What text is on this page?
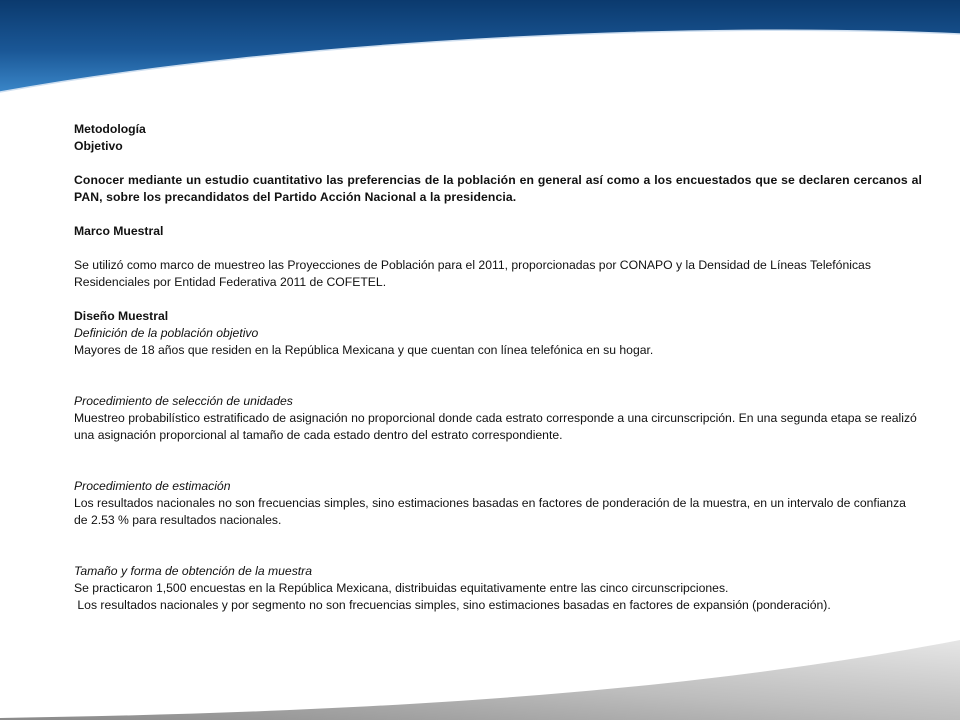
Metodología

Objetivo

Conocer mediante un estudio cuantitativo las preferencias de la población en general así como a los encuestados que se declaren cercanos al PAN, sobre los precandidatos del Partido Acción Nacional a la presidencia.

Marco Muestral

Se utilizó como marco de muestreo las Proyecciones de Población para el 2011, proporcionadas por CONAPO y la Densidad de Líneas Telefónicas Residenciales por Entidad Federativa 2011 de COFETEL.

Diseño Muestral

Definición de la población objetivo

Mayores de 18 años que residen en la República Mexicana y que cuentan con línea telefónica en su hogar.

Procedimiento de selección de unidades

Muestreo probabilístico estratificado de asignación no proporcional donde cada estrato corresponde a una circunscripción. En una segunda etapa se realizó una asignación proporcional al tamaño de cada estado dentro del estrato correspondiente.

Procedimiento de estimación

Los resultados nacionales no son frecuencias simples, sino estimaciones basadas en factores de ponderación de la muestra, en un intervalo de confianza de 2.53 % para resultados nacionales.

Tamaño y forma de obtención de la muestra

Se practicaron 1,500 encuestas en la República Mexicana, distribuidas equitativamente entre las cinco circunscripciones.

Los resultados nacionales y por segmento no son frecuencias simples, sino estimaciones basadas en factores de expansión (ponderación).
